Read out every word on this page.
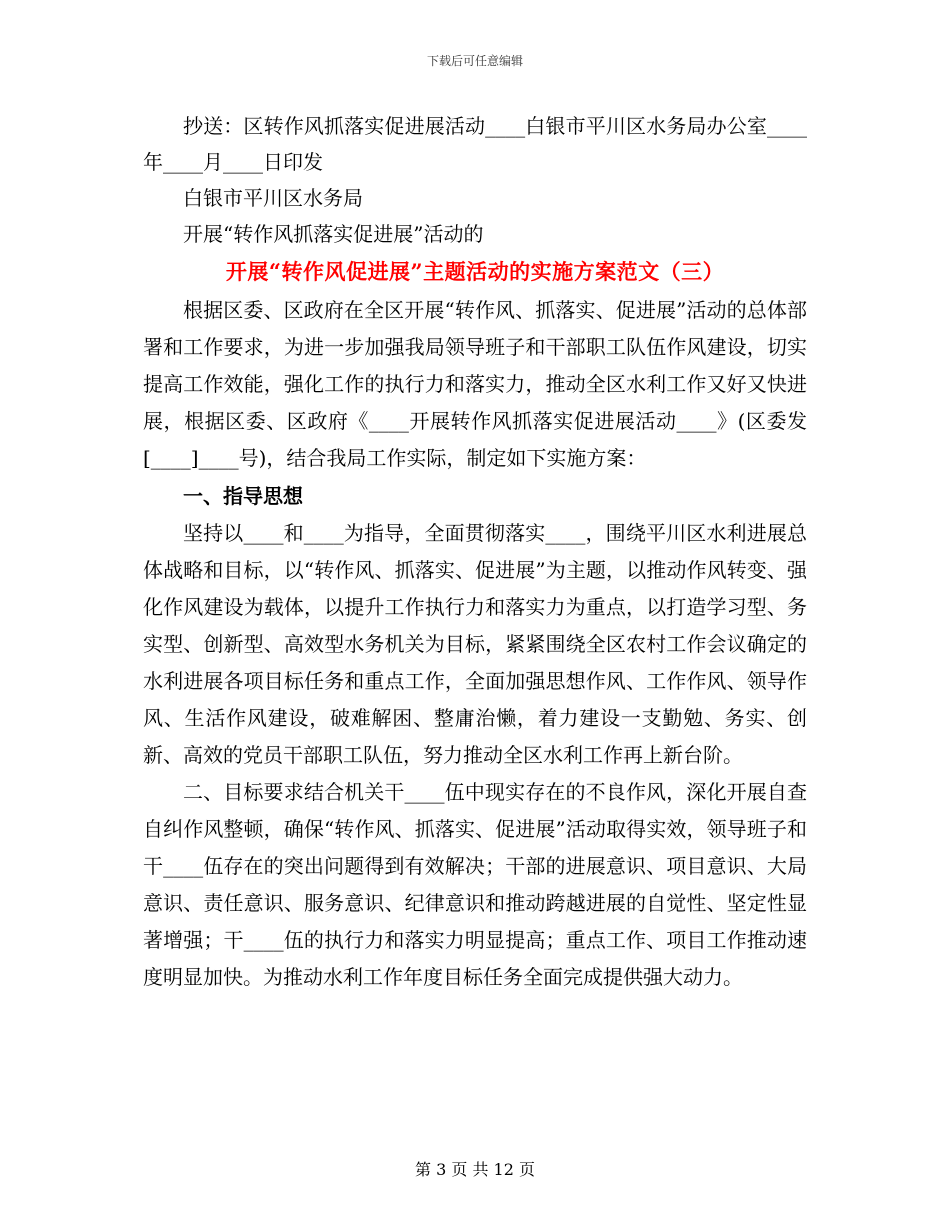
下载后可任意编辑

抄送：区转作风抓落实促进展活动____白银市平川区水务局办公室____年____月____日印发

白银市平川区水务局

开展“转作风抓落实促进展”活动的

开展“转作风促进展”主题活动的实施方案范文（三）

根据区委、区政府在全区开展“转作风、抓落实、促进展”活动的总体部署和工作要求，为进一步加强我局领导班子和干部职工队伍作风建设，切实提高工作效能，强化工作的执行力和落实力，推动全区水利工作又好又快进展，根据区委、区政府《____开展转作风抓落实促进展活动____》(区委发[____]____号)，结合我局工作实际，制定如下实施方案：

一、指导思想

坚持以____和____为指导，全面贯彻落实____，围绕平川区水利进展总体战略和目标，以“转作风、抓落实、促进展”为主题，以推动作风转变、强化作风建设为载体，以提升工作执行力和落实力为重点，以打造学习型、务实型、创新型、高效型水务机关为目标，紧紧围绕全区农村工作会议确定的水利进展各项目标任务和重点工作，全面加强思想作风、工作作风、领导作风、生活作风建设，破难解困、整庸治懒，着力建设一支勤勉、务实、创新、高效的党员干部职工队伍，努力推动全区水利工作再上新台阶。

二、目标要求结合机关干____伍中现实存在的不良作风，深化开展自查自纠作风整顿，确保“转作风、抓落实、促进展”活动取得实效，领导班子和干____伍存在的突出问题得到有效解决；干部的进展意识、项目意识、大局意识、责任意识、服务意识、纪律意识和推动跨越进展的自觉性、坚定性显著增强；干____伍的执行力和落实力明显提高；重点工作、项目工作推动速度明显加快。为推动水利工作年度目标任务全面完成提供强大动力。

第 3 页 共 12 页
